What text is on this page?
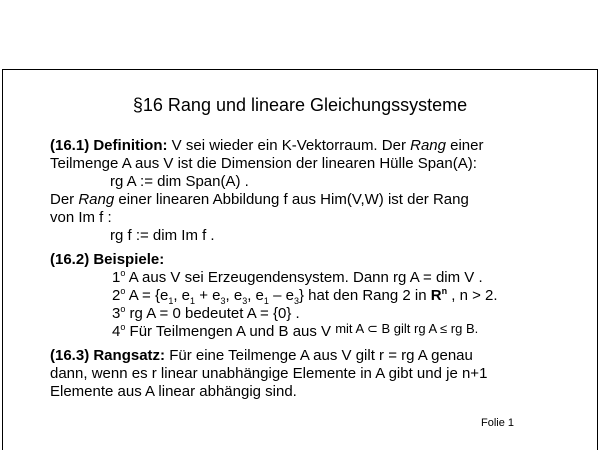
§16 Rang und lineare Gleichungssysteme
(16.1) Definition: V sei wieder ein K-Vektorraum. Der Rang einer
Teilmenge A aus V ist die Dimension der linearen Hülle Span(A):
rg A := dim Span(A) .
Der Rang einer linearen Abbildung f aus Him(V,W) ist der Rang
von Im f :
rg f := dim Im f .
(16.2) Beispiele:
1$^o$ A aus V sei Erzeugendensystem. Dann rg A = dim V .
2$^o$ $A = \{e_1$, $e_1 + e_3$, $e_3$, $e_1 - e_3$} hat den Rang 2 in $R^n$ , n > 2.
3$^o$ rg A = 0 bedeutet A = {0} .
4$^o$ Für Teilmengen A und B aus V mit A ⊂ B gilt rg A ≤ rg B.
(16.3) Rangsatz: Für eine Teilmenge A aus V gilt r = rg A genau
dann, wenn es r linear unabhängige Elemente in A gibt und je n+1
Elemente aus A linear abhängig sind.
Folie 1
